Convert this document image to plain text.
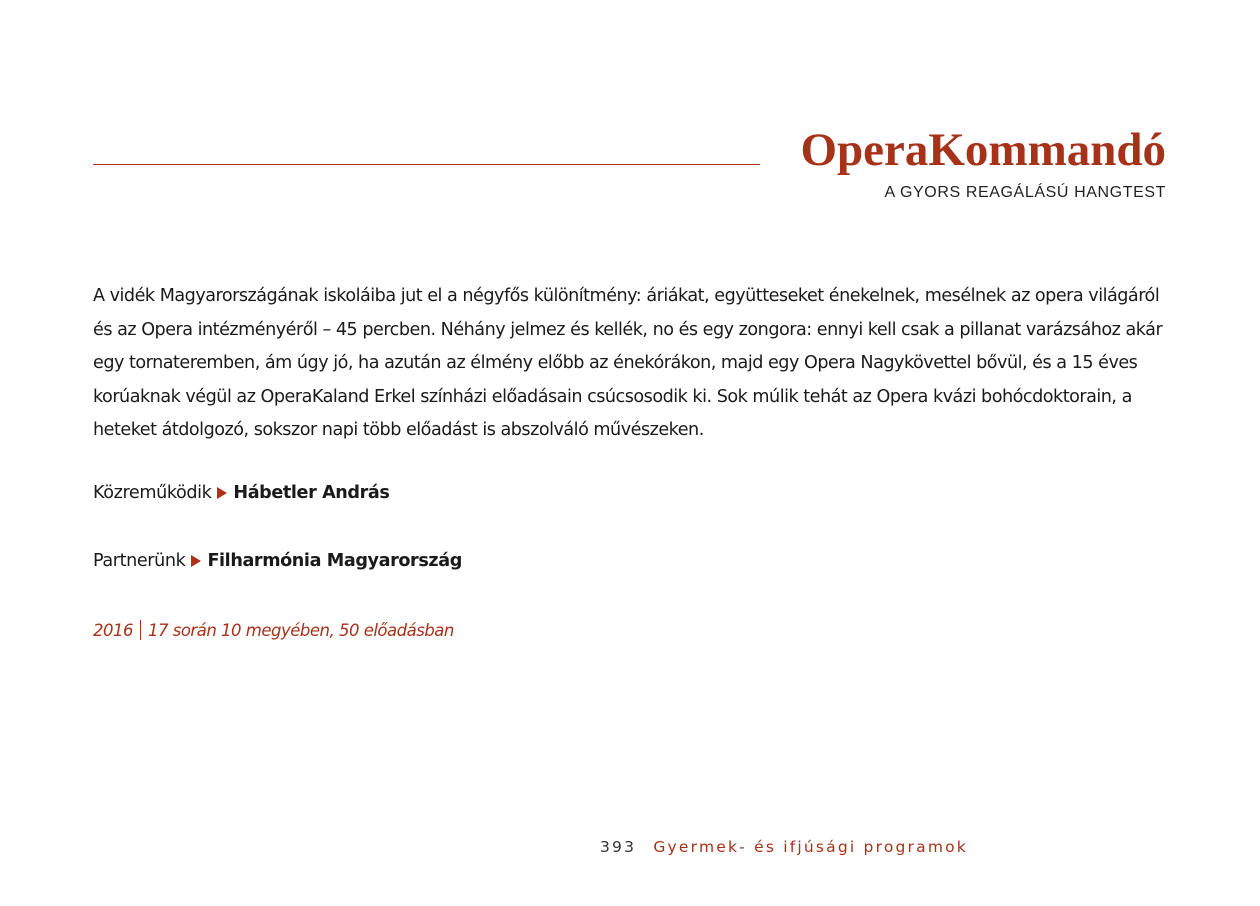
OperaKommandó
A GYORS REAGÁLÁSÚ HANGTEST

A vidék Magyarországának iskoláiba jut el a négyfős különítmény: áriákat, együtteseket énekelnek, mesélnek az opera világáról és az Opera intézményéről – 45 percben. Néhány jelmez és kellék, no és egy zongora: ennyi kell csak a pillanat varázsához akár egy tornateremben, ám úgy jó, ha azután az élmény előbb az énekórákon, majd egy Opera Nagykövettel bővül, és a 15 éves korúaknak végül az OperaKaland Erkel színházi előadásain csúcsosodik ki. Sok múlik tehát az Opera kvázi bohócdoktorain, a heteket átdolgozó, sokszor napi több előadást is abszolváló művészeken.

Közreműködik Hábetler András
Partnerünk Filharmónia Magyarország
2016 17 során 10 megyében, 50 előadásban
393 Gyermek- és ifjúsági programok
